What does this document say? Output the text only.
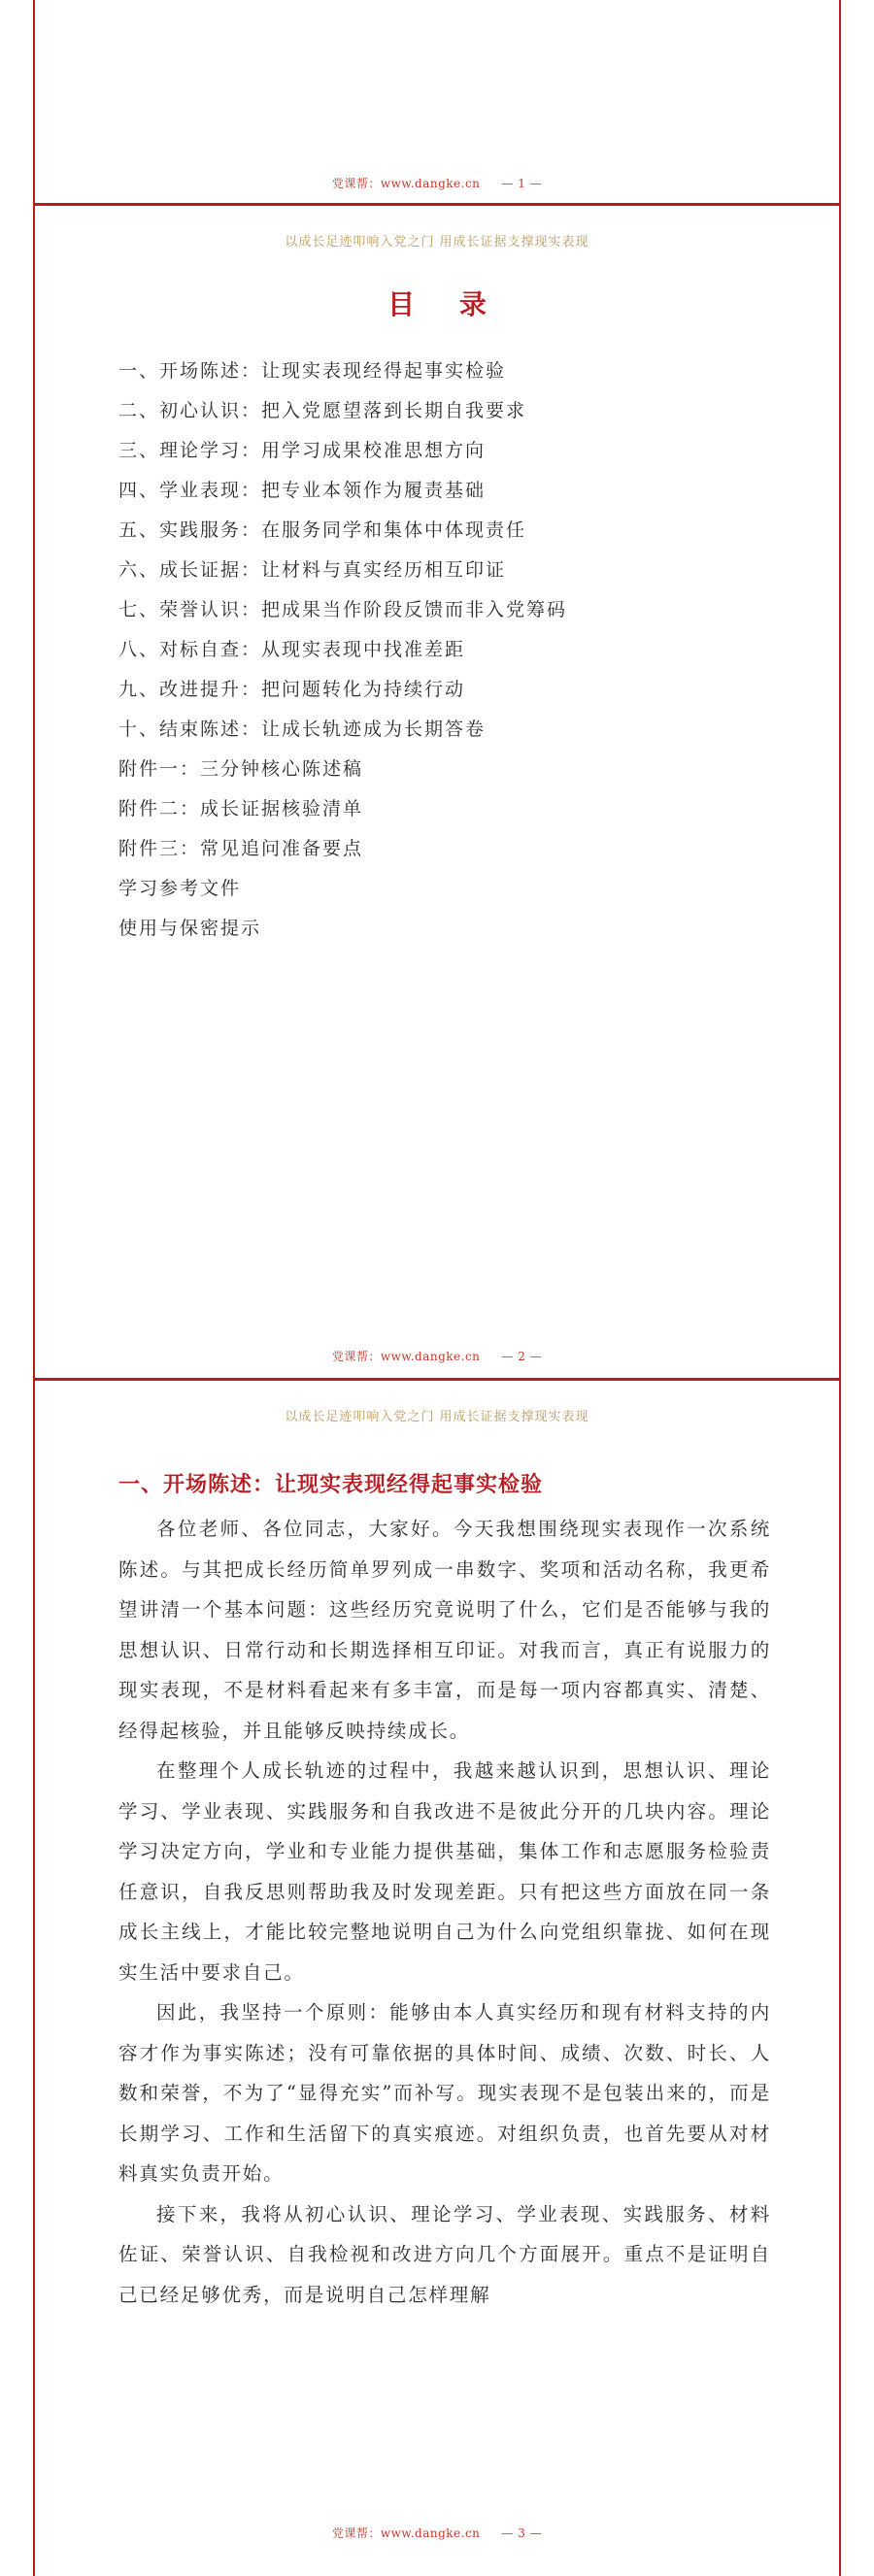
党课帮：www.dangke.cn — 1 —
以成长足迹叩响入党之门 用成长证据支撑现实表现
目 录
一、开场陈述：让现实表现经得起事实检验
二、初心认识：把入党愿望落到长期自我要求
三、理论学习：用学习成果校准思想方向
四、学业表现：把专业本领作为履责基础
五、实践服务：在服务同学和集体中体现责任
六、成长证据：让材料与真实经历相互印证
七、荣誉认识：把成果当作阶段反馈而非入党筹码
八、对标自查：从现实表现中找准差距
九、改进提升：把问题转化为持续行动
十、结束陈述：让成长轨迹成为长期答卷
附件一：三分钟核心陈述稿
附件二：成长证据核验清单
附件三：常见追问准备要点
学习参考文件
使用与保密提示
党课帮：www.dangke.cn — 2 —
以成长足迹叩响入党之门 用成长证据支撑现实表现
一、开场陈述：让现实表现经得起事实检验

各位老师、各位同志，大家好。今天我想围绕现实表现作一次系统陈述。与其把成长经历简单罗列成一串数字、奖项和活动名称，我更希望讲清一个基本问题：这些经历究竟说明了什么，它们是否能够与我的思想认识、日常行动和长期选择相互印证。对我而言，真正有说服力的现实表现，不是材料看起来有多丰富，而是每一项内容都真实、清楚、经得起核验，并且能够反映持续成长。

在整理个人成长轨迹的过程中，我越来越认识到，思想认识、理论学习、学业表现、实践服务和自我改进不是彼此分开的几块内容。理论学习决定方向，学业和专业能力提供基础，集体工作和志愿服务检验责任意识，自我反思则帮助我及时发现差距。只有把这些方面放在同一条成长主线上，才能比较完整地说明自己为什么向党组织靠拢、如何在现实生活中要求自己。

因此，我坚持一个原则：能够由本人真实经历和现有材料支持的内容才作为事实陈述；没有可靠依据的具体时间、成绩、次数、时长、人数和荣誉，不为了“显得充实”而补写。现实表现不是包装出来的，而是长期学习、工作和生活留下的真实痕迹。对组织负责，也首先要从对材料真实负责开始。

接下来，我将从初心认识、理论学习、学业表现、实践服务、材料佐证、荣誉认识、自我检视和改进方向几个方面展开。重点不是证明自己已经足够优秀，而是说明自己怎样理解

党课帮：www.dangke.cn — 3 —
